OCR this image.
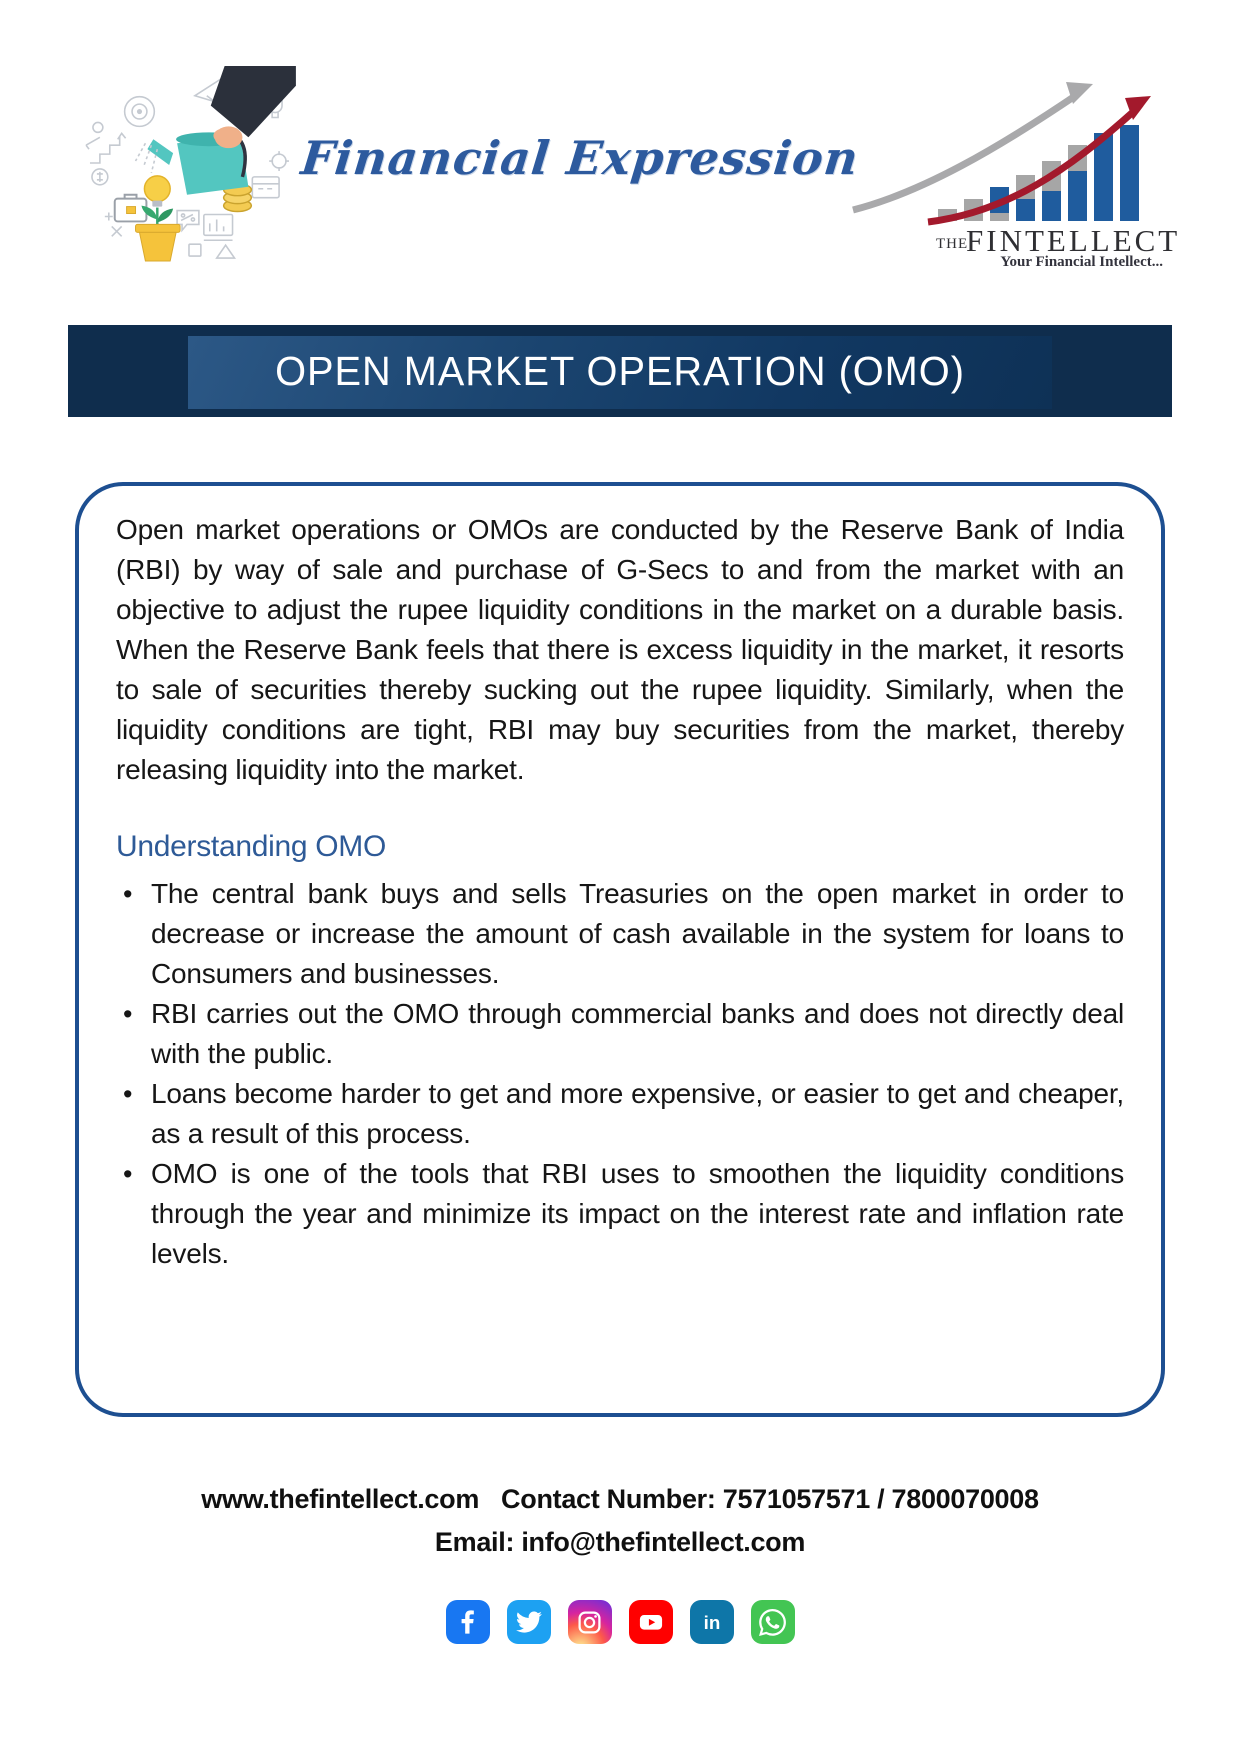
Financial Expression
THE
FINTELLECT
Your Financial Intellect...
OPEN MARKET OPERATION (OMO)

Open market operations or OMOs are conducted by the Reserve Bank of India (RBI) by way of sale and purchase of G-Secs to and from the market with an objective to adjust the rupee liquidity conditions in the market on a durable basis. When the Reserve Bank feels that there is excess liquidity in the market, it resorts to sale of securities thereby sucking out the rupee liquidity. Similarly, when the liquidity conditions are tight, RBI may buy securities from the market, thereby releasing liquidity into the market.

Understanding OMO
• The central bank buys and sells Treasuries on the open market in order to decrease or increase the amount of cash available in the system for loans to Consumers and businesses.
• RBI carries out the OMO through commercial banks and does not directly deal with the public.
• Loans become harder to get and more expensive, or easier to get and cheaper, as a result of this process.
• OMO is one of the tools that RBI uses to smoothen the liquidity conditions through the year and minimize its impact on the interest rate and inflation rate levels.
www.thefintellect.com Contact Number: 7571057571 / 7800070008
Email: info@thefintellect.com
in
